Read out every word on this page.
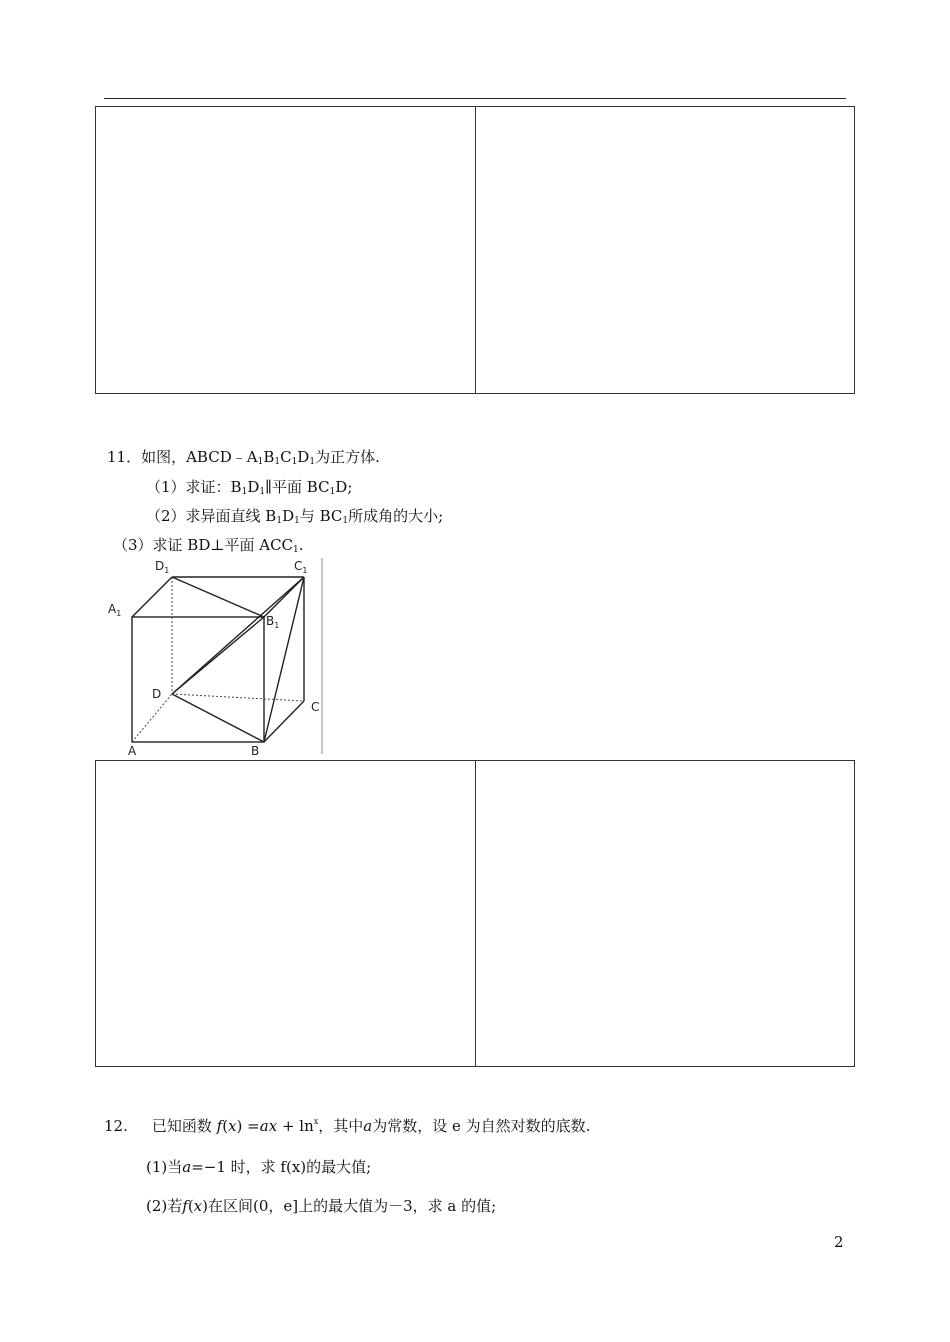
11．如图，$ABCD﹣A_1B_1C_1D_1$为正方体.
（1）求证：$B_1D_1\parallel$平面 $BC_1D$;
（2）求异面直线 $B_1D_1$与 $BC_1$所成角的大小;
（3）求证 BD⊥平面 $ACC_1$.
$D_1$	$C_1$
$A_1$
$B_1$
D
C
A	B
12. 已知函数 $f(x) =ax + \ln^x$，其中a为常数，设 e 为自然对数的底数.
(1)当a=−1 时，求 f(x)的最大值;
(2)若f(x)在区间(0，e]上的最大值为－3，求 a 的值;
2
